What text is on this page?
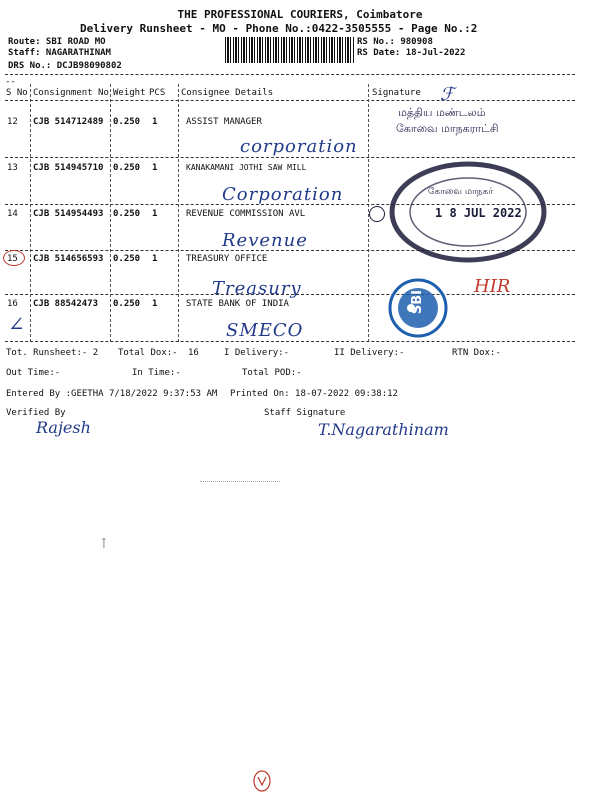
THE PROFESSIONAL COURIERS, Coimbatore
Delivery Runsheet - MO - Phone No.:0422-3505555 - Page No.:2
Route: SBI ROAD MO
Staff: NAGARATHINAM
DRS No.: DCJB98090802
RS No.: 980908
RS Date: 18-Jul-2022
--
S No Consignment No Weight PCS Consignee Details	Signature
12 CJB 514712489 0.250 1	ASSIST MANAGER
corporation
13 CJB 514945710 0.250 1	KANAKAMANI JOTHI SAW MILL
Corporation
14 CJB 514954493 0.250 1	REVENUE COMMISSION AVL
Revenue
15 CJB 514656593 0.250 1	TREASURY OFFICE
Treasury
16 CJB 88542473 0.250 1	STATE BANK OF INDIA
SMECO
∠
ℱ
மத்திய மண்டலம்
கோவை மாநகராட்சி
கோவை மாநகர்
1 8 JUL 2022
HIR
SBI
Tot. Runsheet:- 2 Total Dox:- 16	I Delivery:-	II Delivery:-	RTN Dox:-
Out Time:-	In Time:-	Total POD:-
Entered By :GEETHA 7/18/2022 9:37:53 AM Printed On: 18-07-2022 09:38:12
Verified By	Staff Signature
Rajesh	T.Nagarathinam
↑
